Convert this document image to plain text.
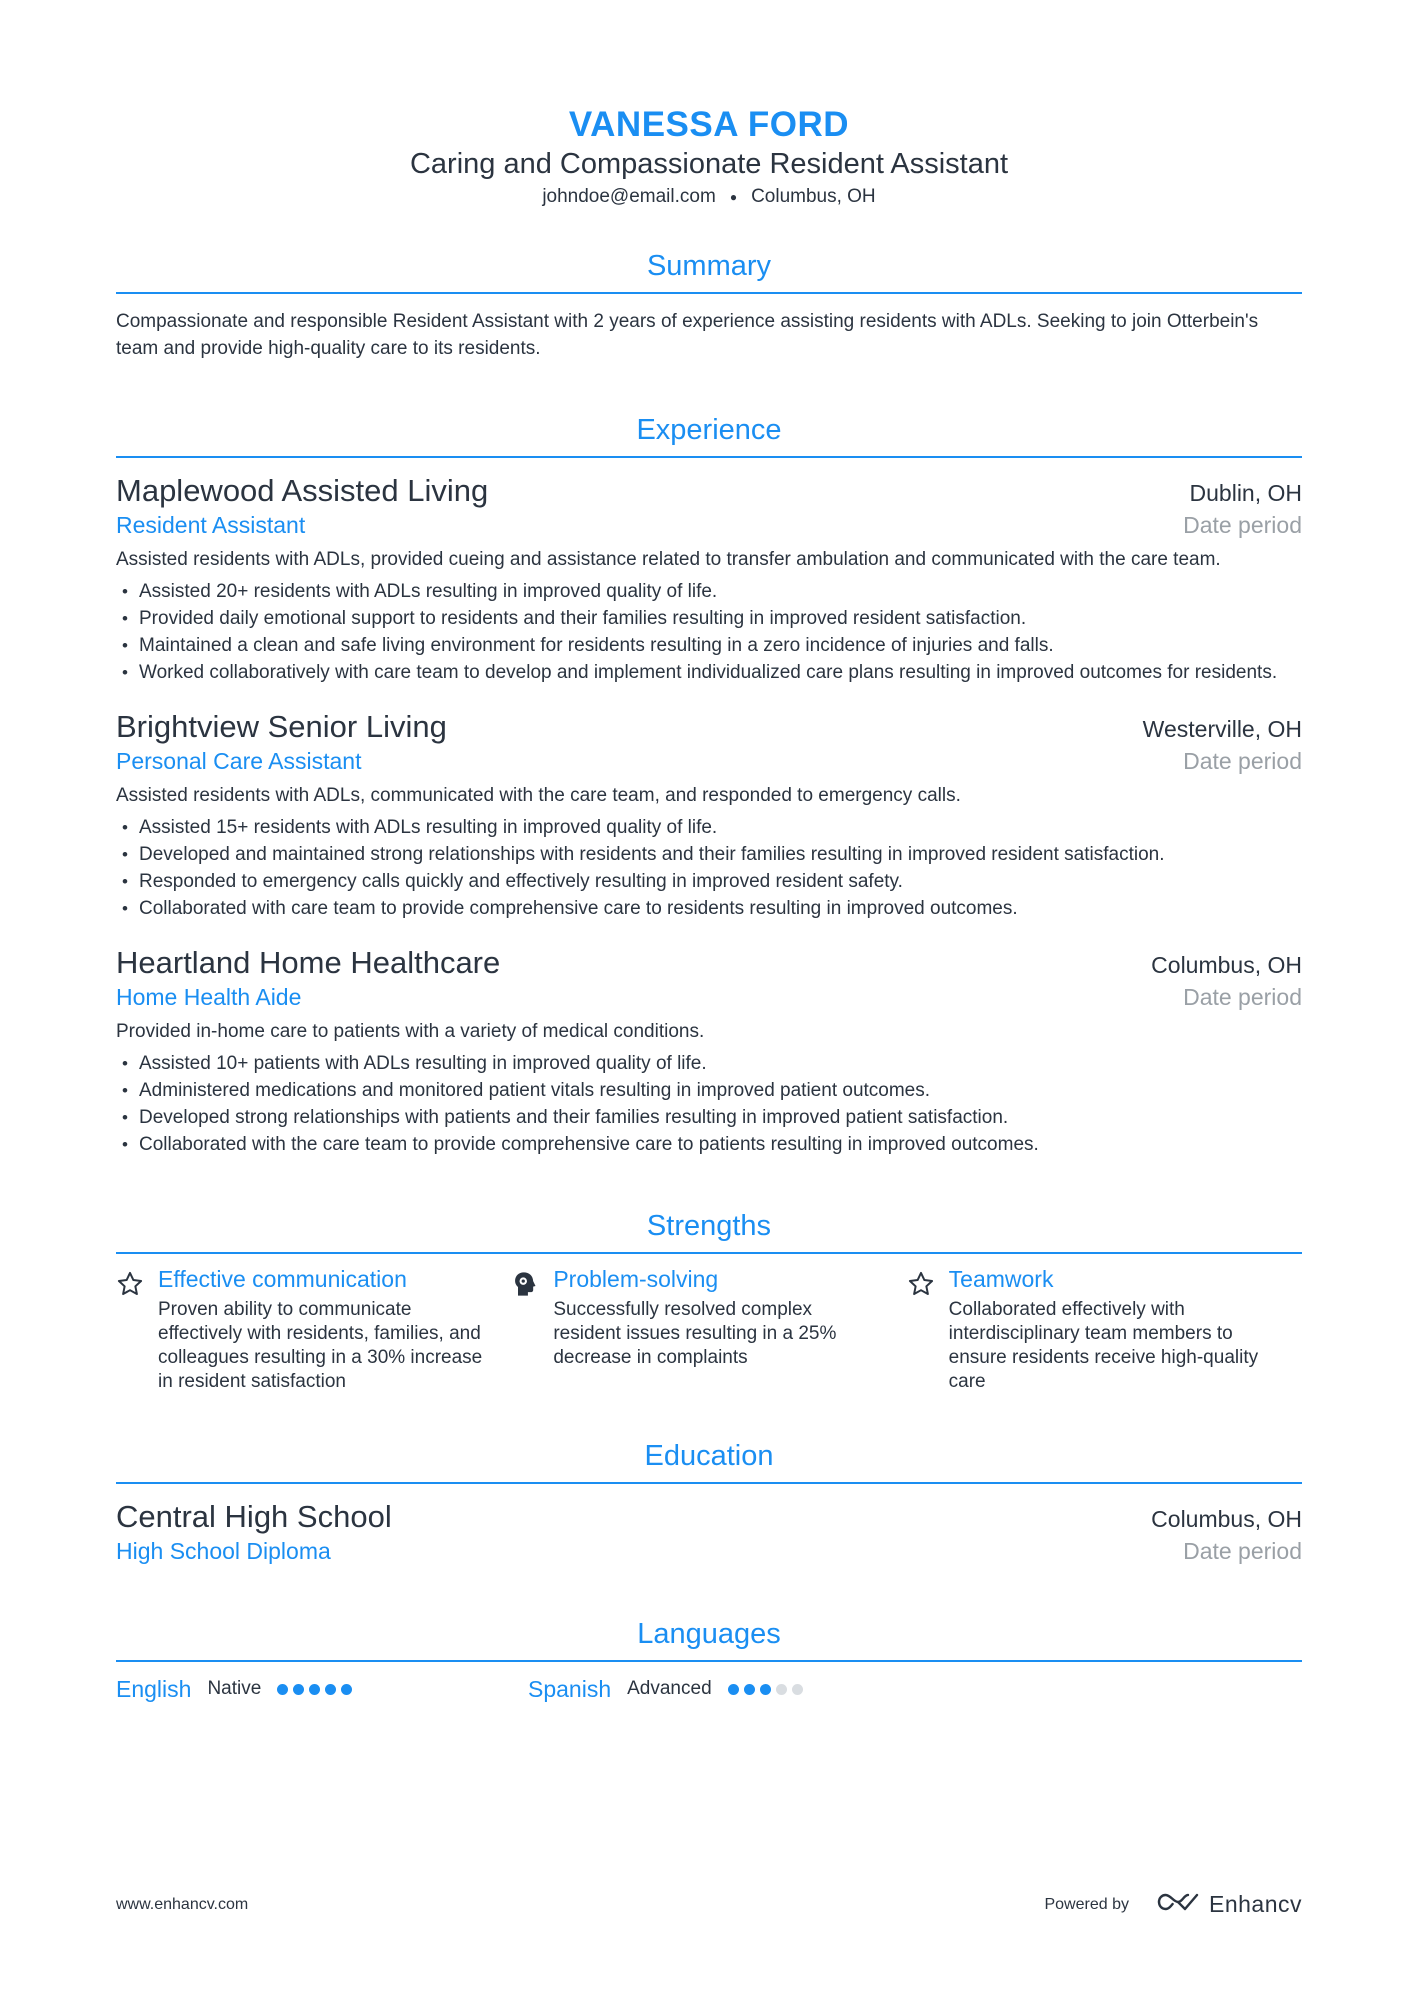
VANESSA FORD
Caring and Compassionate Resident Assistant
johndoe@email.com ● Columbus, OH
Summary
Compassionate and responsible Resident Assistant with 2 years of experience assisting residents with ADLs. Seeking to join Otterbein's team and provide high-quality care to its residents.
Experience
Maplewood Assisted Living	Dublin, OH
Resident Assistant	Date period
Assisted residents with ADLs, provided cueing and assistance related to transfer ambulation and communicated with the care team.
• Assisted 20+ residents with ADLs resulting in improved quality of life.
• Provided daily emotional support to residents and their families resulting in improved resident satisfaction.
• Maintained a clean and safe living environment for residents resulting in a zero incidence of injuries and falls.
• Worked collaboratively with care team to develop and implement individualized care plans resulting in improved outcomes for residents.
Brightview Senior Living	Westerville, OH
Personal Care Assistant	Date period
Assisted residents with ADLs, communicated with the care team, and responded to emergency calls.
• Assisted 15+ residents with ADLs resulting in improved quality of life.
• Developed and maintained strong relationships with residents and their families resulting in improved resident satisfaction.
• Responded to emergency calls quickly and effectively resulting in improved resident safety.
• Collaborated with care team to provide comprehensive care to residents resulting in improved outcomes.
Heartland Home Healthcare	Columbus, OH
Home Health Aide	Date period
Provided in-home care to patients with a variety of medical conditions.
• Assisted 10+ patients with ADLs resulting in improved quality of life.
• Administered medications and monitored patient vitals resulting in improved patient outcomes.
• Developed strong relationships with patients and their families resulting in improved patient satisfaction.
• Collaborated with the care team to provide comprehensive care to patients resulting in improved outcomes.
Strengths
Effective communication
Proven ability to communicate effectively with residents, families, and colleagues resulting in a 30% increase in resident satisfaction
Problem-solving
Successfully resolved complex resident issues resulting in a 25% decrease in complaints
Teamwork
Collaborated effectively with interdisciplinary team members to ensure residents receive high-quality care
Education
Central High School	Columbus, OH
High School Diploma	Date period
Languages
English Native	Spanish Advanced
www.enhancv.com	Powered by	Enhancv
